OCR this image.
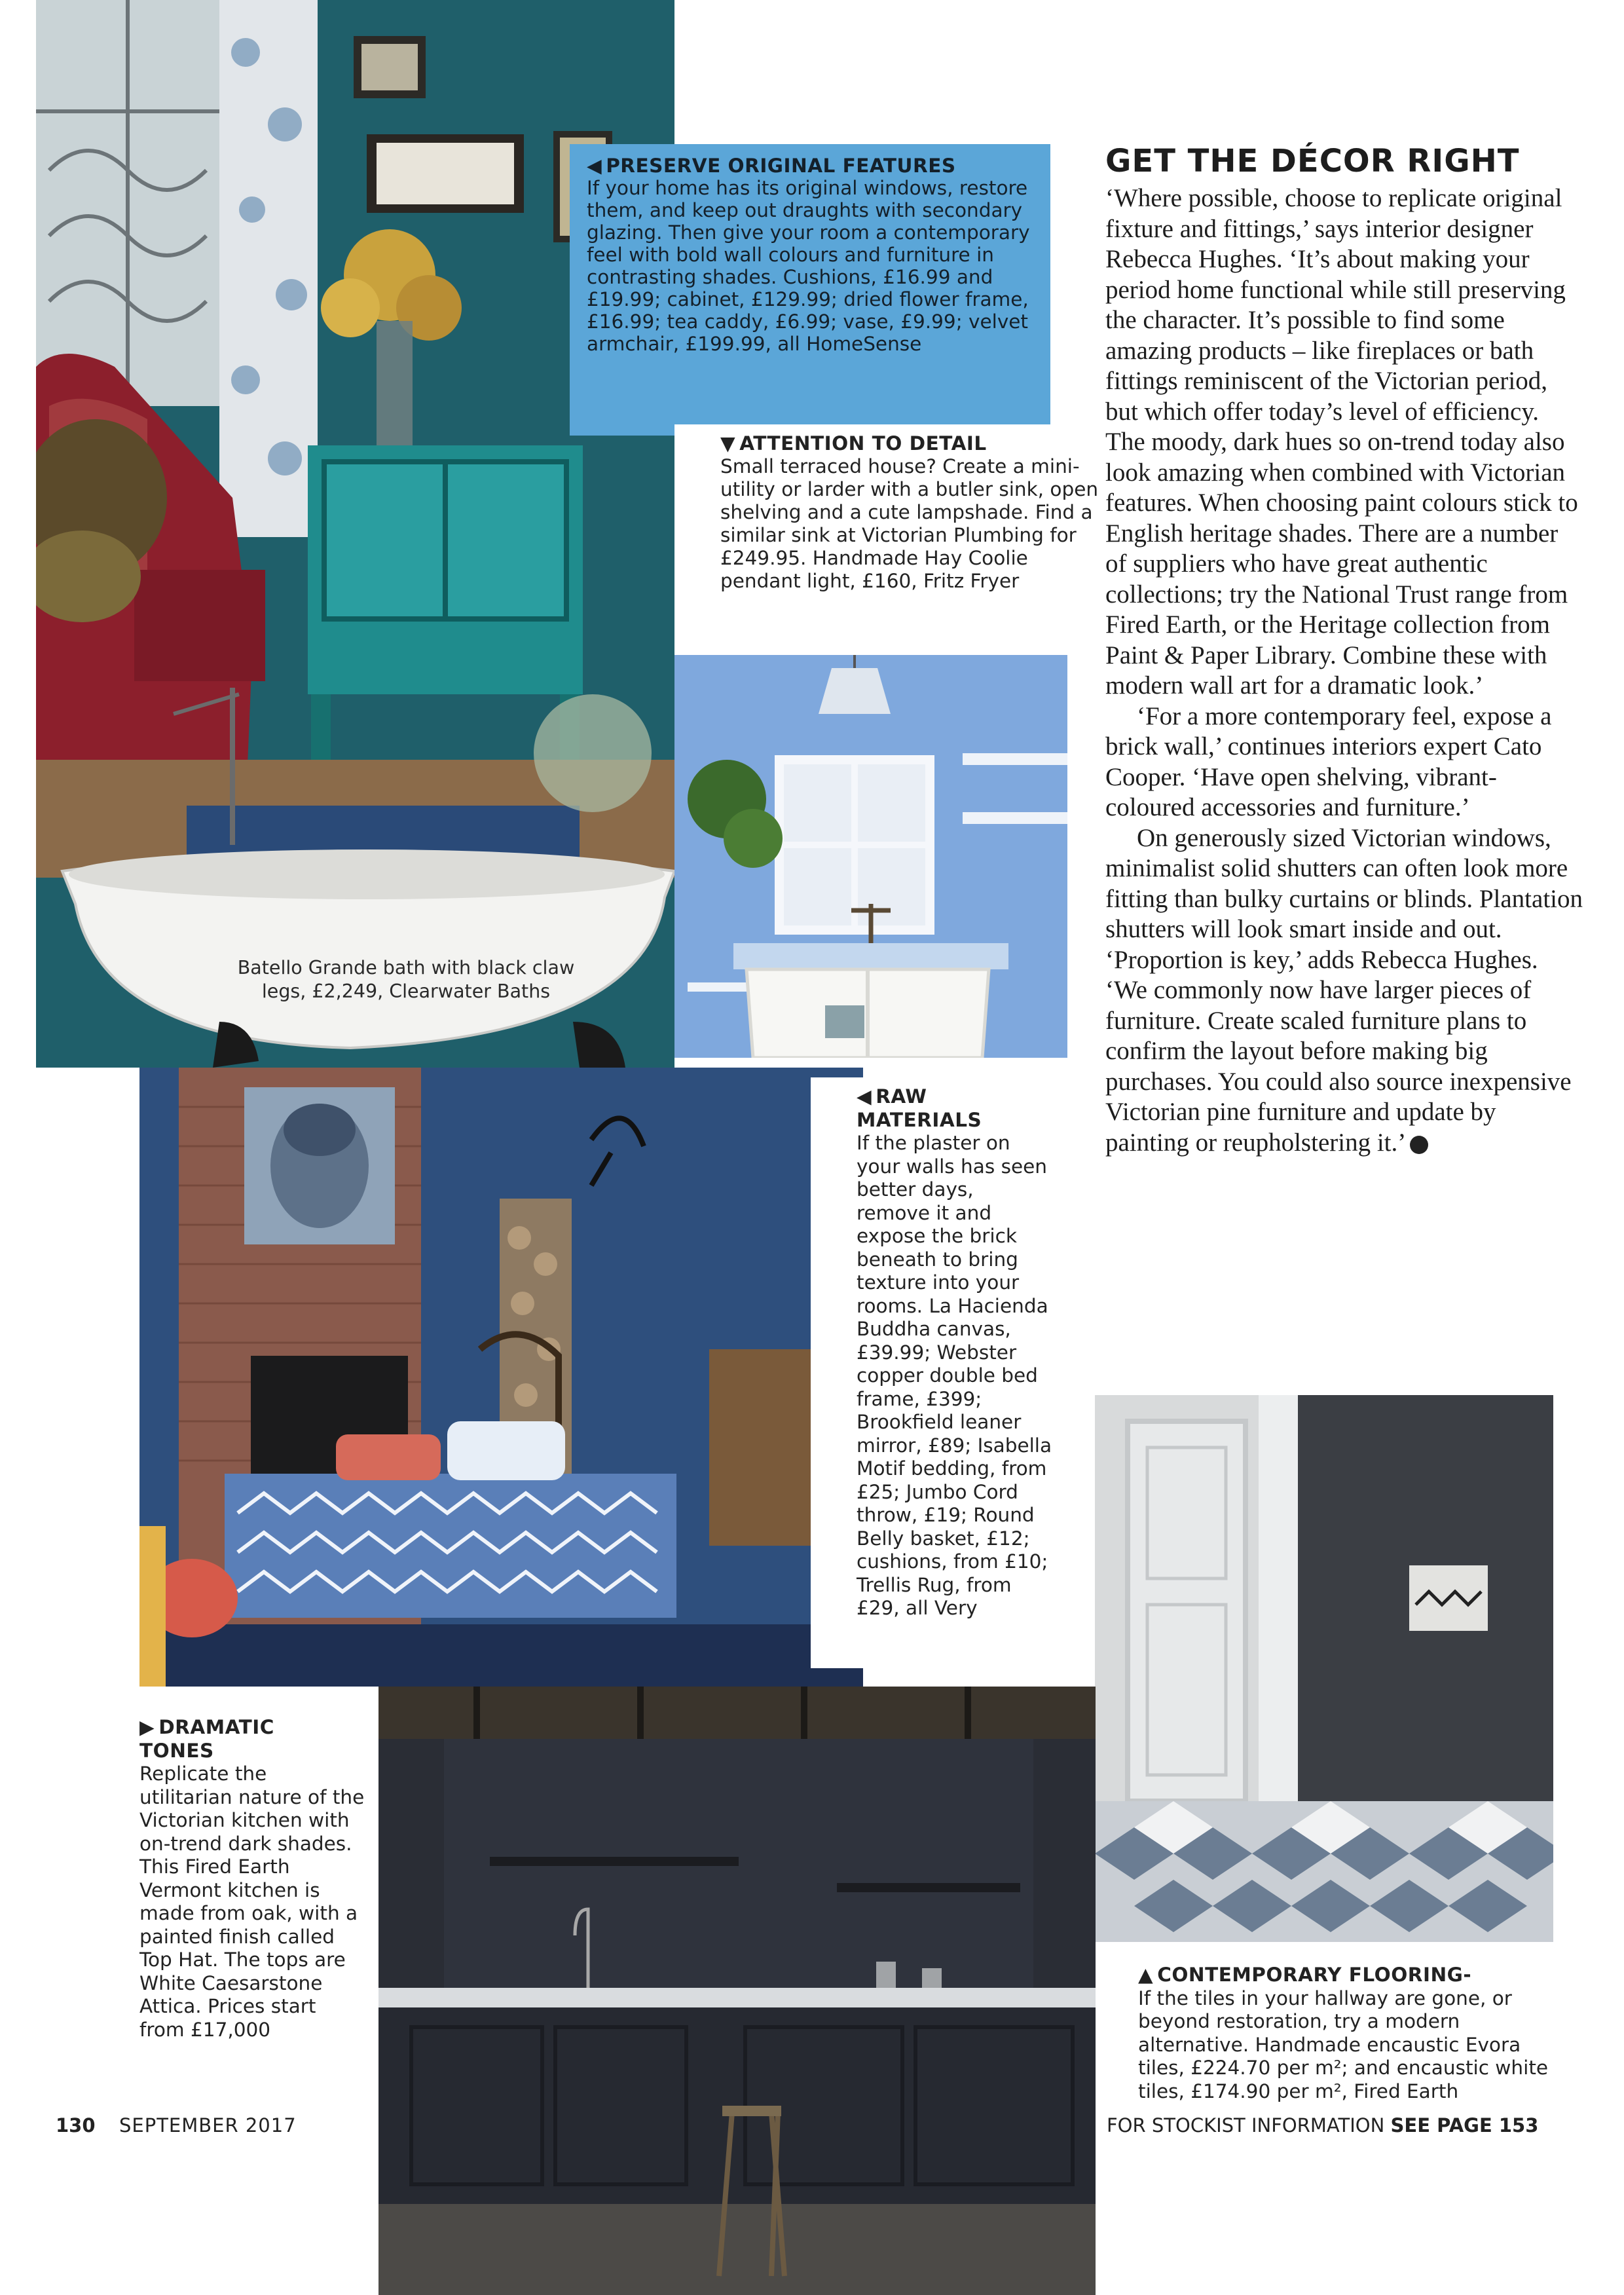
◀ PRESERVE ORIGINAL FEATURES

If your home has its original windows, restore them, and keep out draughts with secondary glazing. Then give your room a contemporary feel with bold wall colours and furniture in contrasting shades. Cushions, £16.99 and £19.99; cabinet, £129.99; dried flower frame, £16.99; tea caddy, £6.99; vase, £9.99; velvet armchair, £199.99, all HomeSense

▼ ATTENTION TO DETAIL

Small terraced house? Create a mini-utility or larder with a butler sink, open shelving and a cute lampshade. Find a similar sink at Victorian Plumbing for £249.95. Handmade Hay Coolie pendant light, £160, Fritz Fryer

Batello Grande bath with black claw legs, £2,249, Clearwater Baths

◀ RAW
MATERIALS

If the plaster on your walls has seen better days, remove it and expose the brick beneath to bring texture into your rooms. La Hacienda Buddha canvas, £39.99; Webster copper double bed frame, £399; Brookfield leaner mirror, £89; Isabella Motif bedding, from £25; Jumbo Cord throw, £19; Round Belly basket, £12; cushions, from £10; Trellis Rug, from £29, all Very

▶ DRAMATIC
TONES

Replicate the utilitarian nature of the Victorian kitchen with on-trend dark shades. This Fired Earth Vermont kitchen is made from oak, with a painted finish called Top Hat. The tops are White Caesarstone Attica. Prices start from £17,000

▲ CONTEMPORARY FLOORING-

If the tiles in your hallway are gone, or beyond restoration, try a modern alternative. Handmade encaustic Evora tiles, £224.70 per m²; and encaustic white tiles, £174.90 per m², Fired Earth

GET THE DÉCOR RIGHT

‘Where possible, choose to replicate original fixture and fittings,’ says interior designer Rebecca Hughes. ‘It’s about making your period home functional while still preserving the character. It’s possible to find some amazing products – like fireplaces or bath fittings reminiscent of the Victorian period, but which offer today’s level of efficiency. The moody, dark hues so on-trend today also look amazing when combined with Victorian features. When choosing paint colours stick to English heritage shades. There are a number of suppliers who have great authentic collections; try the National Trust range from Fired Earth, or the Heritage collection from Paint & Paper Library. Combine these with modern wall art for a dramatic look.’

‘For a more contemporary feel, expose a brick wall,’ continues interiors expert Cato Cooper. ‘Have open shelving, vibrant-coloured accessories and furniture.’

On generously sized Victorian windows, minimalist solid shutters can often look more fitting than bulky curtains or blinds. Plantation shutters will look smart inside and out. ‘Proportion is key,’ adds Rebecca Hughes. ‘We commonly now have larger pieces of furniture. Create scaled furniture plans to confirm the layout before making big purchases. You could also source inexpensive Victorian pine furniture and update by painting or reupholstering it.’	RH

130 SEPTEMBER 2017	FOR STOCKIST INFORMATION SEE PAGE 153
